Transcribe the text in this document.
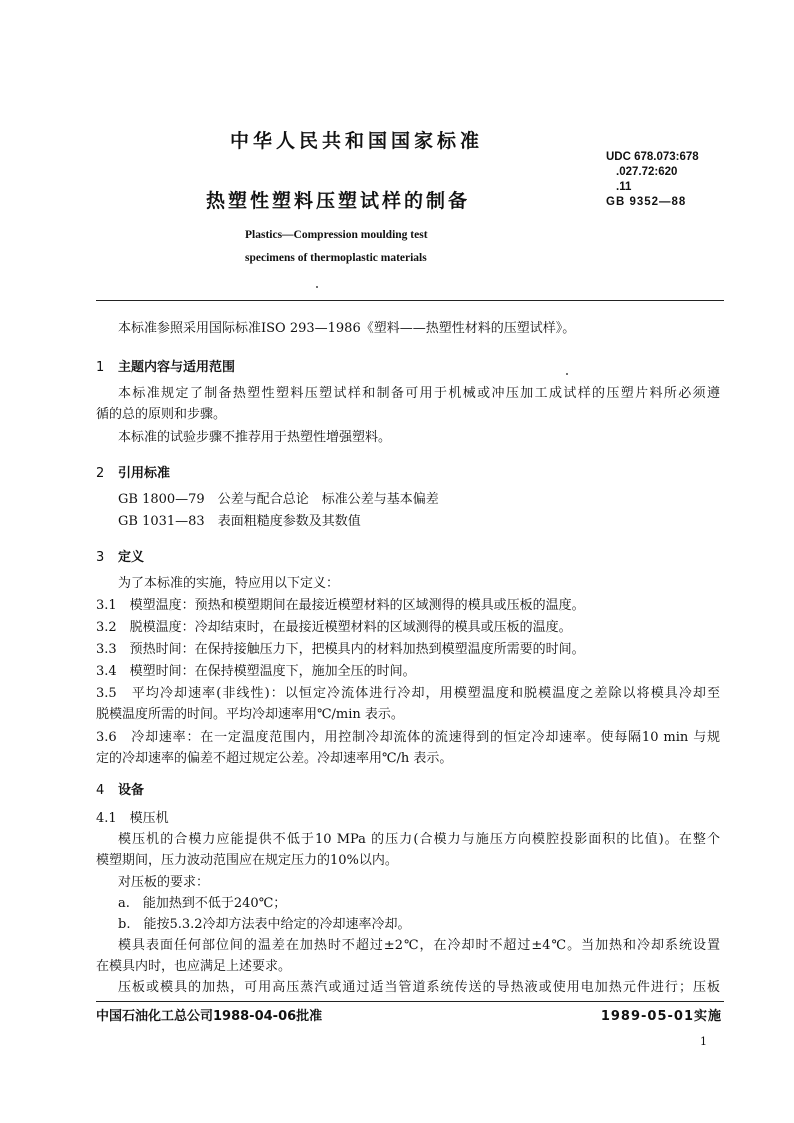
中华人民共和国国家标准
UDC 678.073:678
.027.72:620
.11
热塑性塑料压塑试样的制备	GB 9352—88
Plastics—Compression moulding test
specimens of thermoplastic materials
本标准参照采用国际标准ISO 293—1986《塑料——热塑性材料的压塑试样》。
1 主题内容与适用范围
本标准规定了制备热塑性塑料压塑试样和制备可用于机械或冲压加工成试样的压塑片料所必须遵
循的总的原则和步骤。
本标准的试验步骤不推荐用于热塑性增强塑料。
2 引用标准
GB 1800—79　公差与配合总论　标准公差与基本偏差
GB 1031—83　表面粗糙度参数及其数值
3 定义
为了本标准的实施，特应用以下定义：
3.1　模塑温度：预热和模塑期间在最接近模塑材料的区域测得的模具或压板的温度。
3.2　脱模温度：冷却结束时，在最接近模塑材料的区域测得的模具或压板的温度。
3.3　预热时间：在保持接触压力下，把模具内的材料加热到模塑温度所需要的时间。
3.4　模塑时间：在保持模塑温度下，施加全压的时间。
3.5　平均冷却速率(非线性)：以恒定冷流体进行冷却，用模塑温度和脱模温度之差除以将模具冷却至
脱模温度所需的时间。平均冷却速率用℃/min 表示。
3.6　冷却速率：在一定温度范围内，用控制冷却流体的流速得到的恒定冷却速率。使每隔10 min 与规
定的冷却速率的偏差不超过规定公差。冷却速率用℃/h 表示。
4 设备
4.1　模压机
模压机的合模力应能提供不低于10 MPa 的压力(合模力与施压方向模腔投影面积的比值)。在整个
模塑期间，压力波动范围应在规定压力的10%以内。
对压板的要求：
a.　能加热到不低于240℃；
b.　能按5.3.2冷却方法表中给定的冷却速率冷却。
模具表面任何部位间的温差在加热时不超过±2℃，在冷却时不超过±4℃。当加热和冷却系统设置
在模具内时，也应满足上述要求。
压板或模具的加热，可用高压蒸汽或通过适当管道系统传送的导热液或使用电加热元件进行；压板
中国石油化工总公司1988-04-06批准	1989-05-01实施
1
